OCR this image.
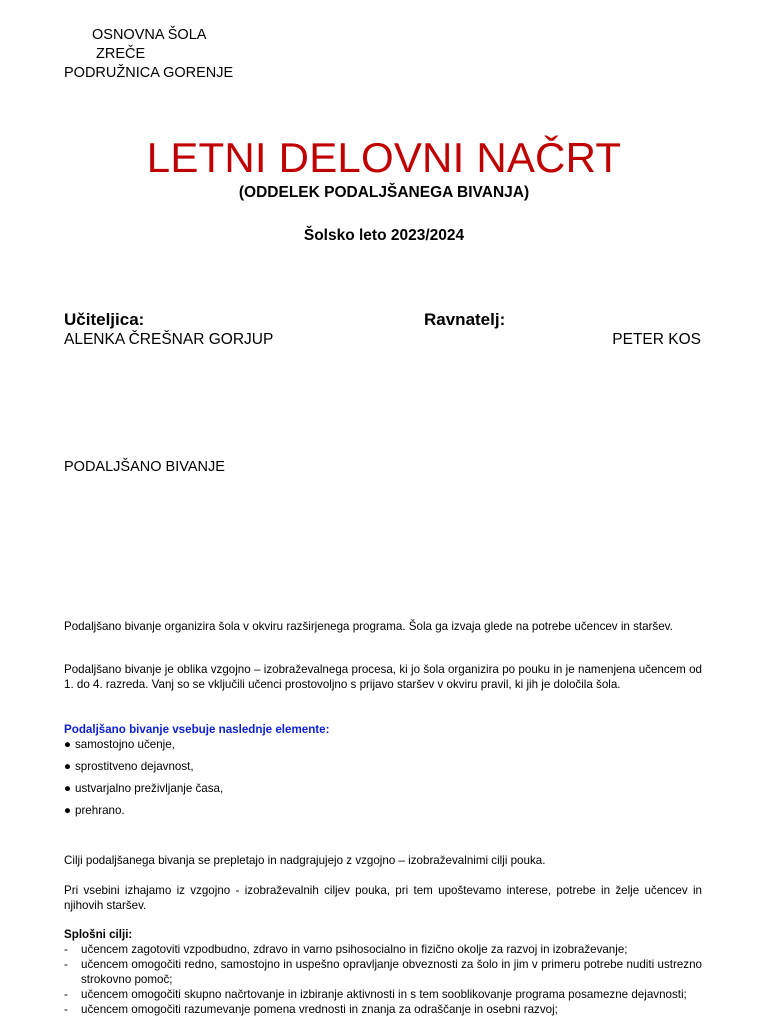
OSNOVNA ŠOLA
ZREČE
PODRUŽNICA GORENJE
LETNI DELOVNI NAČRT
(ODDELEK PODALJŠANEGA BIVANJA)
Šolsko leto 2023/2024
Učiteljica:	Ravnatelj:
ALENKA ČREŠNAR GORJUP	PETER KOS
PODALJŠANO BIVANJE

Podaljšano bivanje organizira šola v okviru razširjenega programa. Šola ga izvaja glede na potrebe učencev in staršev.

Podaljšano bivanje je oblika vzgojno – izobraževalnega procesa, ki jo šola organizira po pouku in je namenjena učencem od 1. do 4. razreda. Vanj so se vključili učenci prostovoljno s prijavo staršev v okviru pravil, ki jih je določila šola.

Podaljšano bivanje vsebuje naslednje elemente:
● samostojno učenje,
● sprostitveno dejavnost,
● ustvarjalno preživljanje časa,
● prehrano.

Cilji podaljšanega bivanja se prepletajo in nadgrajujejo z vzgojno – izobraževalnimi cilji pouka.

Pri vsebini izhajamo iz vzgojno - izobraževalnih ciljev pouka, pri tem upoštevamo interese, potrebe in želje učencev in njihovih staršev.

Splošni cilji:
- učencem zagotoviti vzpodbudno, zdravo in varno psihosocialno in fizično okolje za razvoj in izobraževanje;
- učencem omogočiti redno, samostojno in uspešno opravljanje obveznosti za šolo in jim v primeru potrebe nuditi ustrezno strokovno pomoč;
- učencem omogočiti skupno načrtovanje in izbiranje aktivnosti in s tem sooblikovanje programa posamezne dejavnosti;
- učencem omogočiti razumevanje pomena vrednosti in znanja za odraščanje in osebni razvoj;
